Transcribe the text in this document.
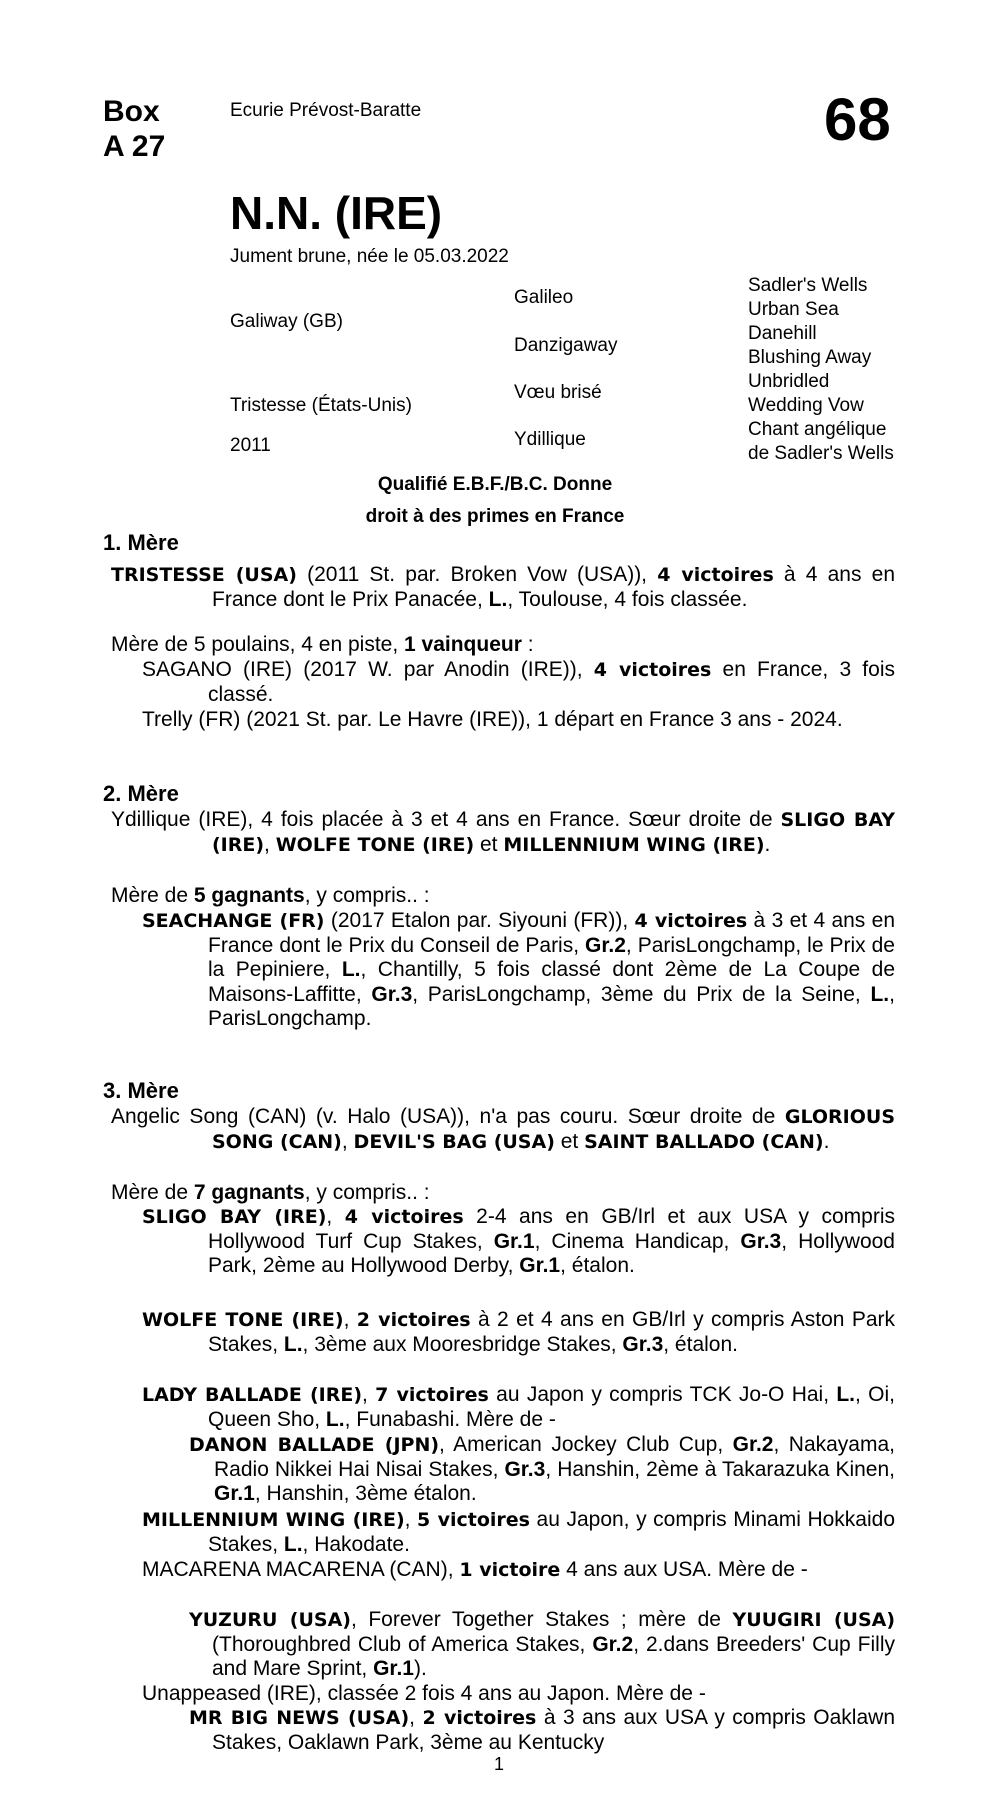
Box
A 27
Ecurie Prévost-Baratte	68
N.N. (IRE)
Jument brune, née le 05.03.2022
Galiway (GB)
Tristesse (États-Unis)
2011
Galileo
Danzigaway
Vœu brisé
Ydillique
Sadler's Wells
Urban Sea
Danehill
Blushing Away
Unbridled
Wedding Vow
Chant angélique de Sadler's Wells
Qualifié E.B.F./B.C. Donne
droit à des primes en France
1. Mère
TRISTESSE (USA) (2011 St. par. Broken Vow (USA)), 4 victoires à 4 ans en France dont le Prix Panacée, L., Toulouse, 4 fois classée.
Mère de 5 poulains, 4 en piste, 1 vainqueur :
SAGANO (IRE) (2017 W. par Anodin (IRE)), 4 victoires en France, 3 fois classé.
Trelly (FR) (2021 St. par. Le Havre (IRE)), 1 départ en France 3 ans - 2024.
2. Mère
Ydillique (IRE), 4 fois placée à 3 et 4 ans en France. Sœur droite de SLIGO BAY (IRE), WOLFE TONE (IRE) et MILLENNIUM WING (IRE).
Mère de 5 gagnants, y compris.. :
SEACHANGE (FR) (2017 Etalon par. Siyouni (FR)), 4 victoires à 3 et 4 ans en France dont le Prix du Conseil de Paris, Gr.2, ParisLongchamp, le Prix de la Pepiniere, L., Chantilly, 5 fois classé dont 2ème de La Coupe de Maisons-Laffitte, Gr.3, ParisLongchamp, 3ème du Prix de la Seine, L., ParisLongchamp.
3. Mère
Angelic Song (CAN) (v. Halo (USA)), n'a pas couru. Sœur droite de GLORIOUS SONG (CAN), DEVIL'S BAG (USA) et SAINT BALLADO (CAN).
Mère de 7 gagnants, y compris.. :
SLIGO BAY (IRE), 4 victoires 2-4 ans en GB/Irl et aux USA y compris Hollywood Turf Cup Stakes, Gr.1, Cinema Handicap, Gr.3, Hollywood Park, 2ème au Hollywood Derby, Gr.1, étalon.
WOLFE TONE (IRE), 2 victoires à 2 et 4 ans en GB/Irl y compris Aston Park Stakes, L., 3ème aux Mooresbridge Stakes, Gr.3, étalon.
LADY BALLADE (IRE), 7 victoires au Japon y compris TCK Jo-O Hai, L., Oi, Queen Sho, L., Funabashi. Mère de -
DANON BALLADE (JPN), American Jockey Club Cup, Gr.2, Nakayama, Radio Nikkei Hai Nisai Stakes, Gr.3, Hanshin, 2ème à Takarazuka Kinen, Gr.1, Hanshin, 3ème étalon.
MILLENNIUM WING (IRE), 5 victoires au Japon, y compris Minami Hokkaido Stakes, L., Hakodate.
MACARENA MACARENA (CAN), 1 victoire 4 ans aux USA. Mère de -
YUZURU (USA), Forever Together Stakes ; mère de YUUGIRI (USA) (Thoroughbred Club of America Stakes, Gr.2, 2.dans Breeders' Cup Filly and Mare Sprint, Gr.1).
Unappeased (IRE), classée 2 fois 4 ans au Japon. Mère de -
MR BIG NEWS (USA), 2 victoires à 3 ans aux USA y compris Oaklawn Stakes, Oaklawn Park, 3ème au Kentucky
1
